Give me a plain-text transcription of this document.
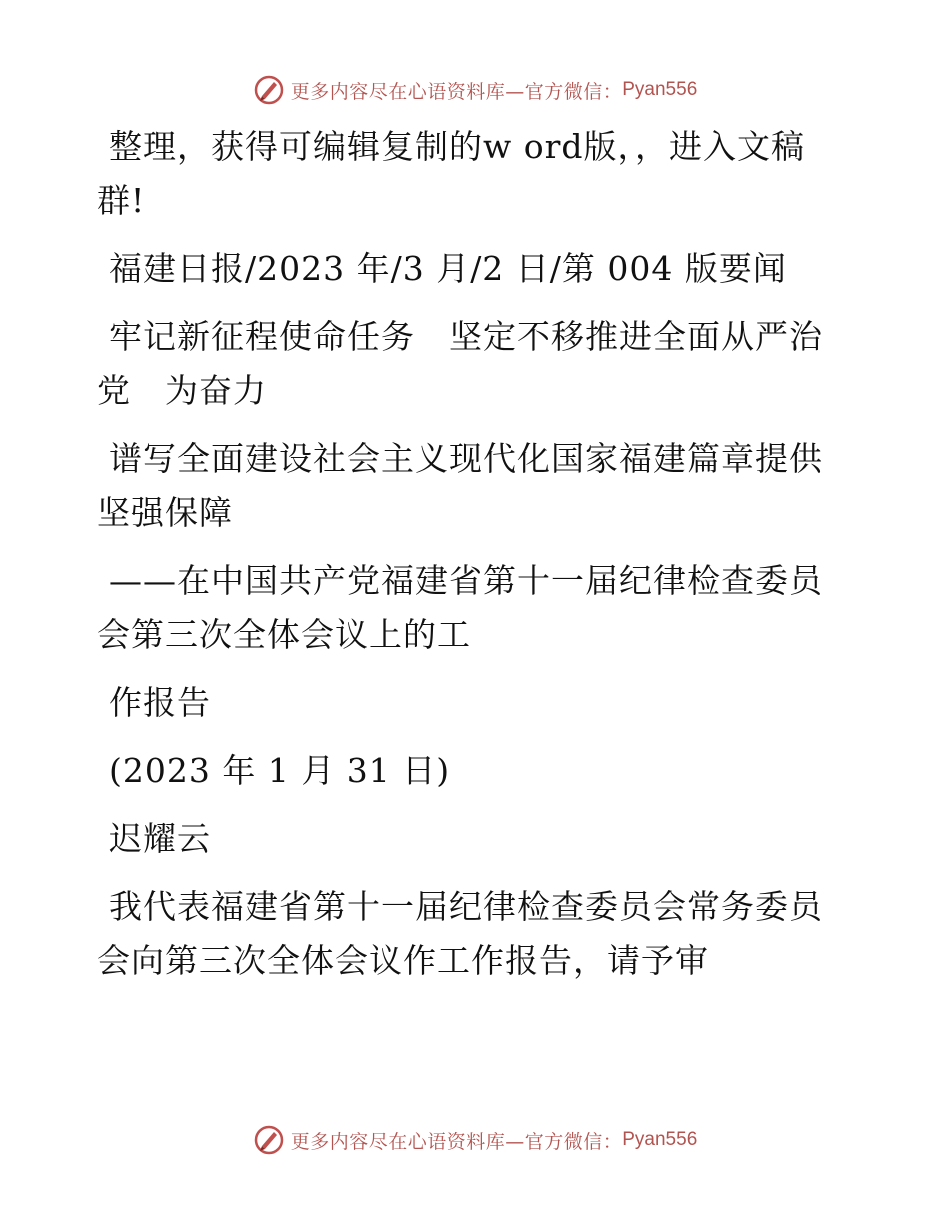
更多内容尽在心语资料库—官方微信： Pyan556

整理，获得可编辑复制的w ord版，，进入文稿群!

福建日报/2023 年/3 月/2 日/第 004 版要闻

牢记新征程使命任务　坚定不移推进全面从严治党　为奋力

谱写全面建设社会主义现代化国家福建篇章提供坚强保障

——在中国共产党福建省第十一届纪律检查委员会第三次全体会议上的工

作报告

(2023 年 1 月 31 日)

迟耀云

我代表福建省第十一届纪律检查委员会常务委员会向第三次全体会议作工作报告，请予审

更多内容尽在心语资料库—官方微信： Pyan556
